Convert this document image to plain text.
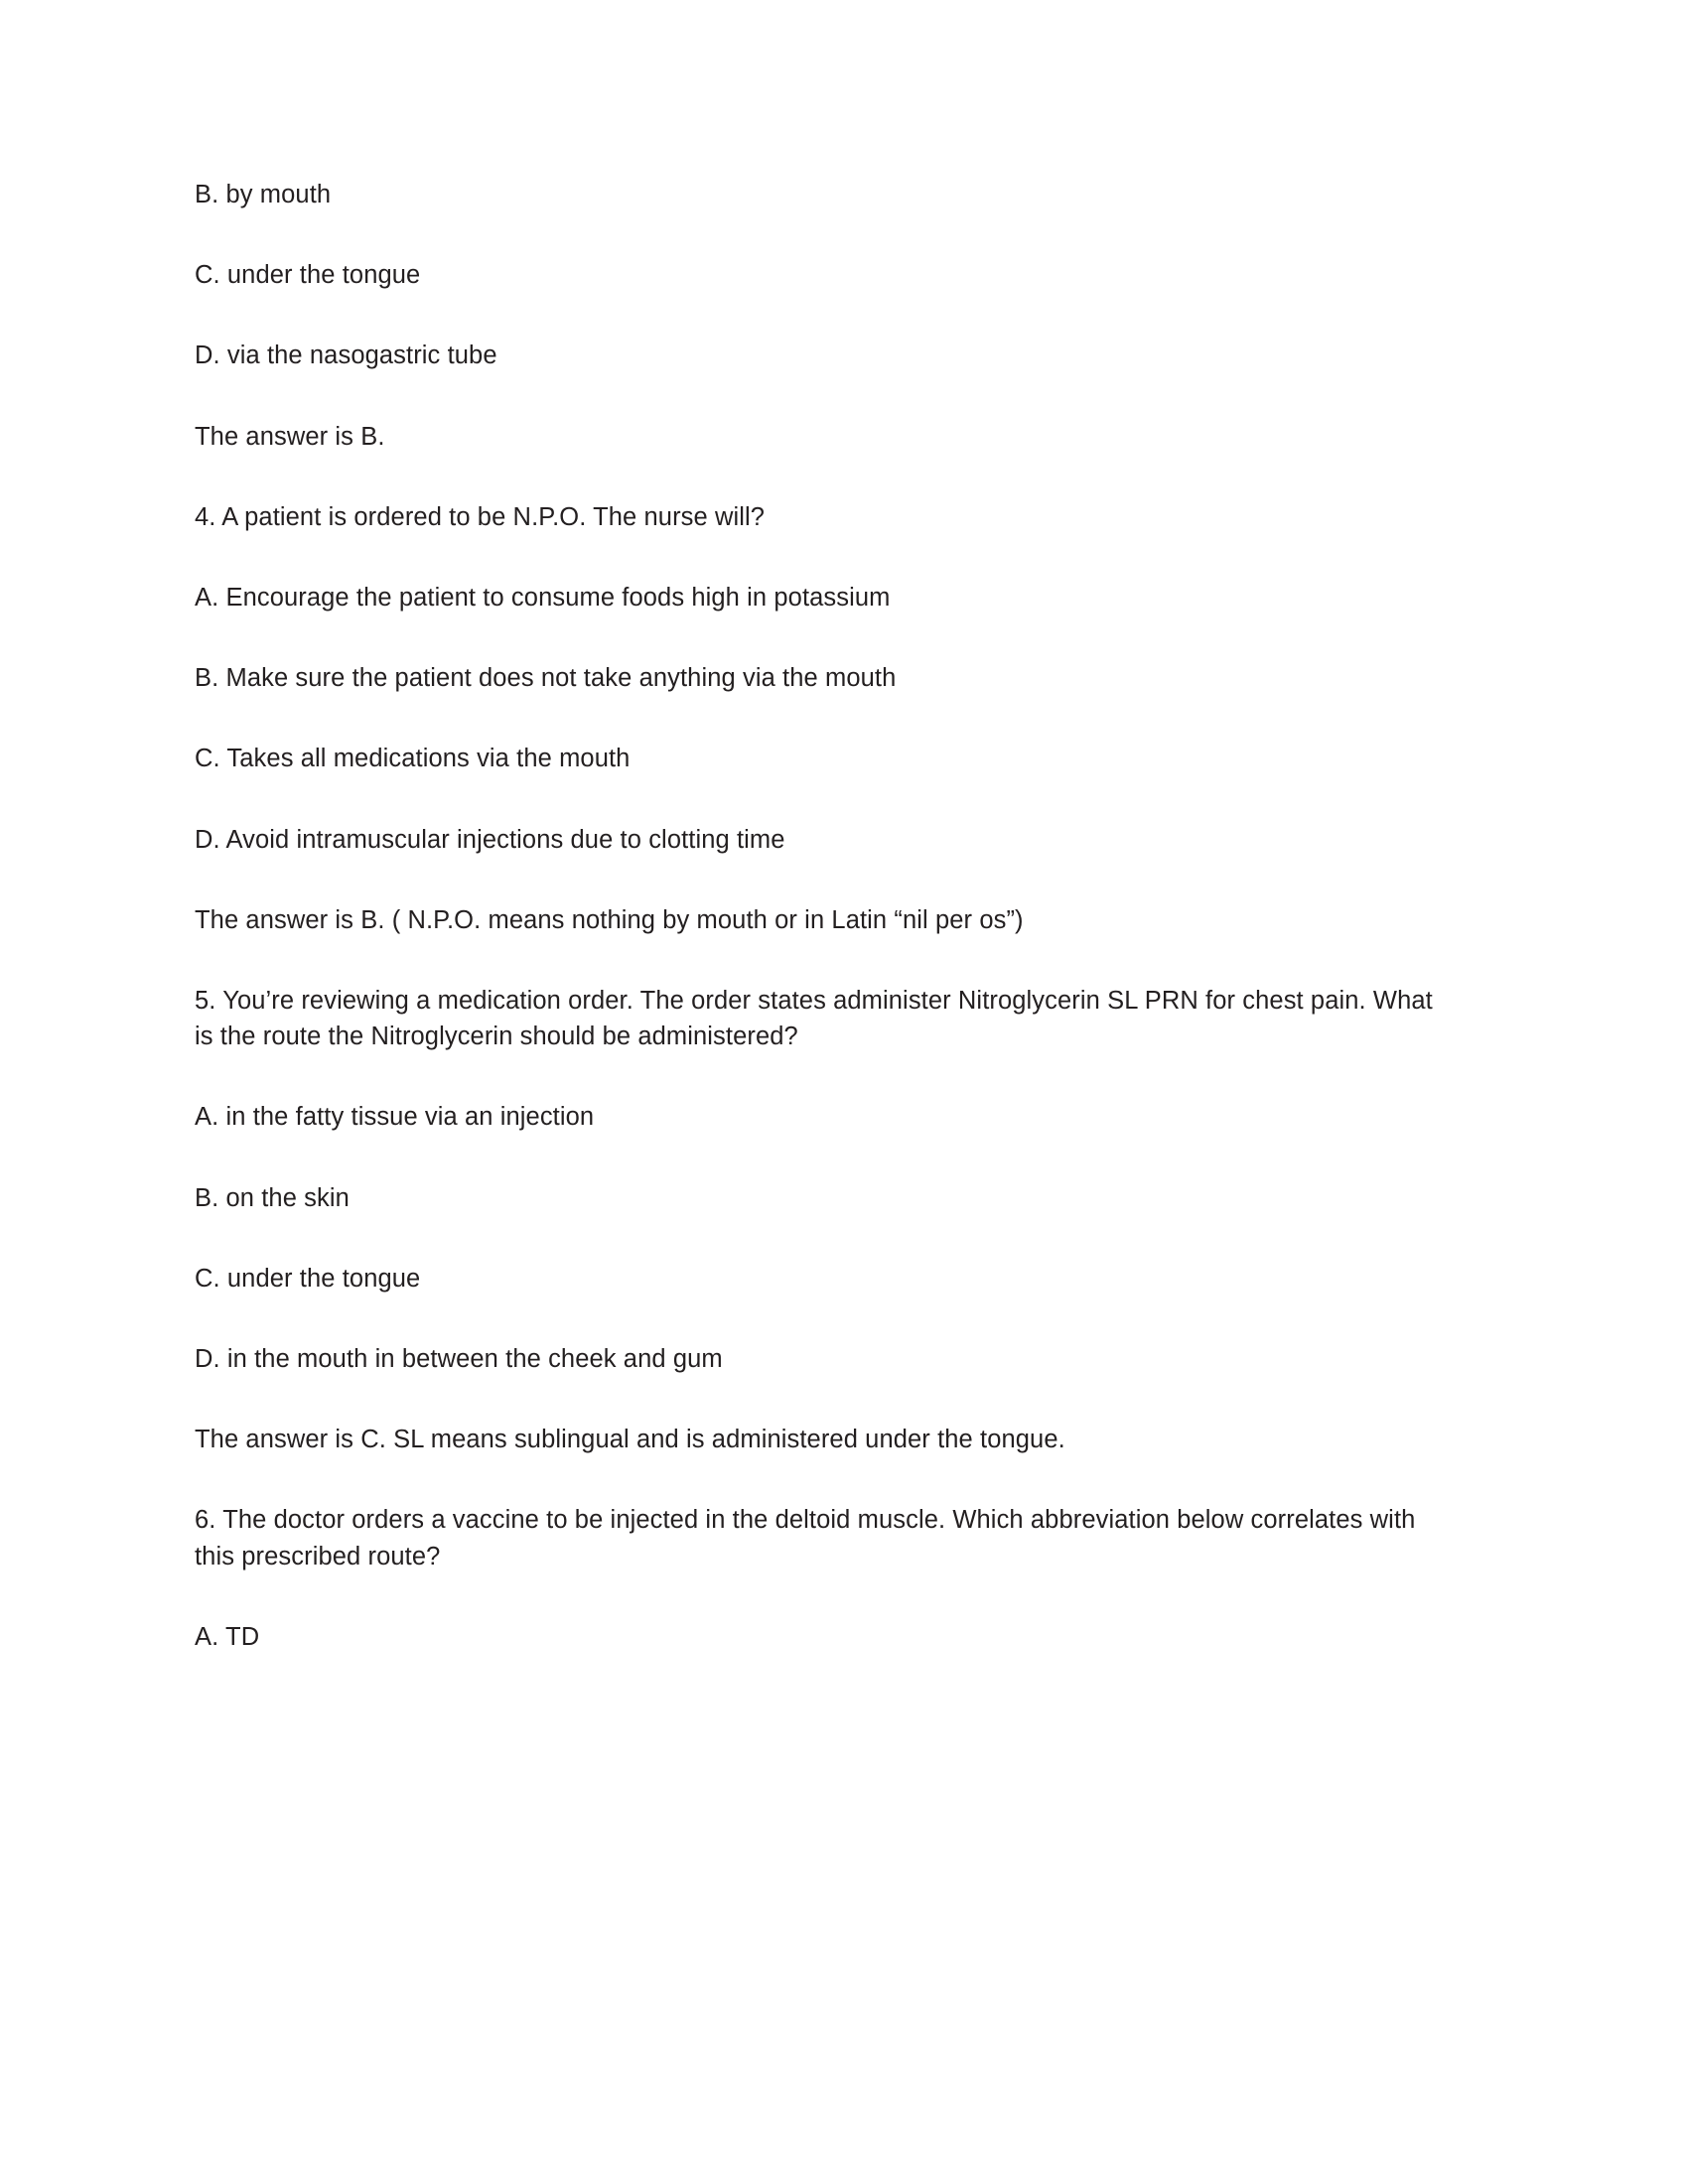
B. by mouth

C. under the tongue

D. via the nasogastric tube

The answer is B.

4. A patient is ordered to be N.P.O. The nurse will?

A. Encourage the patient to consume foods high in potassium

B. Make sure the patient does not take anything via the mouth

C. Takes all medications via the mouth

D. Avoid intramuscular injections due to clotting time

The answer is B. ( N.P.O. means nothing by mouth or in Latin “nil per os”)

5. You’re reviewing a medication order. The order states administer Nitroglycerin SL PRN for chest pain. What is the route the Nitroglycerin should be administered?

A. in the fatty tissue via an injection

B. on the skin

C. under the tongue

D. in the mouth in between the cheek and gum

The answer is C. SL means sublingual and is administered under the tongue.

6. The doctor orders a vaccine to be injected in the deltoid muscle. Which abbreviation below correlates with this prescribed route?

A. TD
